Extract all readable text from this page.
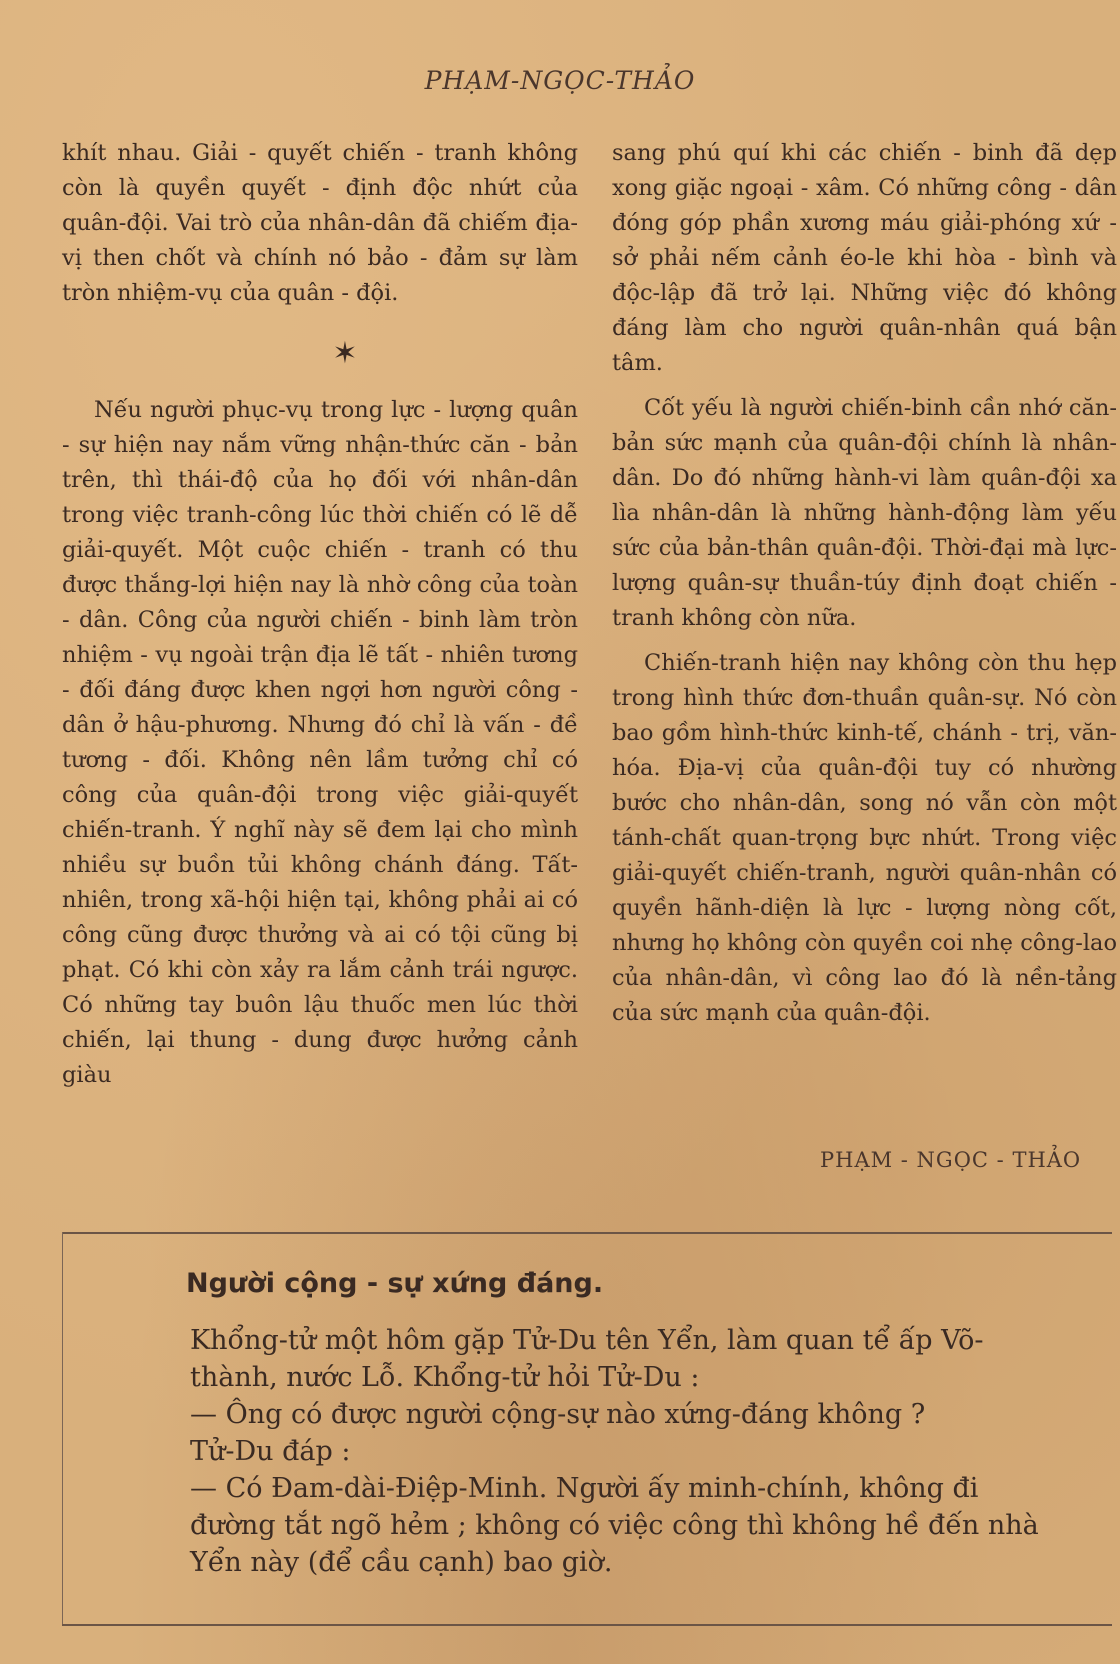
PHẠM-NGỌC-THẢO

khít nhau. Giải - quyết chiến - tranh không còn là quyền quyết - định độc nhứt của quân-đội. Vai trò của nhân-dân đã chiếm địa-vị then chốt và chính nó bảo - đảm sự làm tròn nhiệm-vụ của quân - đội.

✶

Nếu người phục-vụ trong lực - lượng quân - sự hiện nay nắm vững nhận-thức căn - bản trên, thì thái-độ của họ đối với nhân-dân trong việc tranh-công lúc thời chiến có lẽ dễ giải-quyết. Một cuộc chiến - tranh có thu được thắng-lợi hiện nay là nhờ công của toàn - dân. Công của người chiến - binh làm tròn nhiệm - vụ ngoài trận địa lẽ tất - nhiên tương - đối đáng được khen ngợi hơn người công - dân ở hậu-phương. Nhưng đó chỉ là vấn - đề tương - đối. Không nên lầm tưởng chỉ có công của quân-đội trong việc giải-quyết chiến-tranh. Ý nghĩ này sẽ đem lại cho mình nhiều sự buồn tủi không chánh đáng. Tất-nhiên, trong xã-hội hiện tại, không phải ai có công cũng được thưởng và ai có tội cũng bị phạt. Có khi còn xảy ra lắm cảnh trái ngược. Có những tay buôn lậu thuốc men lúc thời chiến, lại thung - dung được hưởng cảnh giàu

sang phú quí khi các chiến - binh đã dẹp xong giặc ngoại - xâm. Có những công - dân đóng góp phần xương máu giải-phóng xứ - sở phải nếm cảnh éo-le khi hòa - bình và độc-lập đã trở lại. Những việc đó không đáng làm cho người quân-nhân quá bận tâm.

Cốt yếu là người chiến-binh cần nhớ căn-bản sức mạnh của quân-đội chính là nhân-dân. Do đó những hành-vi làm quân-đội xa lìa nhân-dân là những hành-động làm yếu sức của bản-thân quân-đội. Thời-đại mà lực-lượng quân-sự thuần-túy định đoạt chiến - tranh không còn nữa.

Chiến-tranh hiện nay không còn thu hẹp trong hình thức đơn-thuần quân-sự. Nó còn bao gồm hình-thức kinh-tế, chánh - trị, văn-hóa. Địa-vị của quân-đội tuy có nhường bước cho nhân-dân, song nó vẫn còn một tánh-chất quan-trọng bực nhứt. Trong việc giải-quyết chiến-tranh, người quân-nhân có quyền hãnh-diện là lực - lượng nòng cốt, nhưng họ không còn quyền coi nhẹ công-lao của nhân-dân, vì công lao đó là nền-tảng của sức mạnh của quân-đội.

PHẠM - NGỌC - THẢO
Người cộng - sự xứng đáng.

Khổng-tử một hôm gặp Tử-Du tên Yển, làm quan tể ấp Võ-thành, nước Lỗ. Khổng-tử hỏi Tử-Du :

— Ông có được người cộng-sự nào xứng-đáng không ?

Tử-Du đáp :

— Có Đam-dài-Điệp-Minh. Người ấy minh-chính, không đi đường tắt ngõ hẻm ; không có việc công thì không hề đến nhà Yển này (để cầu cạnh) bao giờ.
